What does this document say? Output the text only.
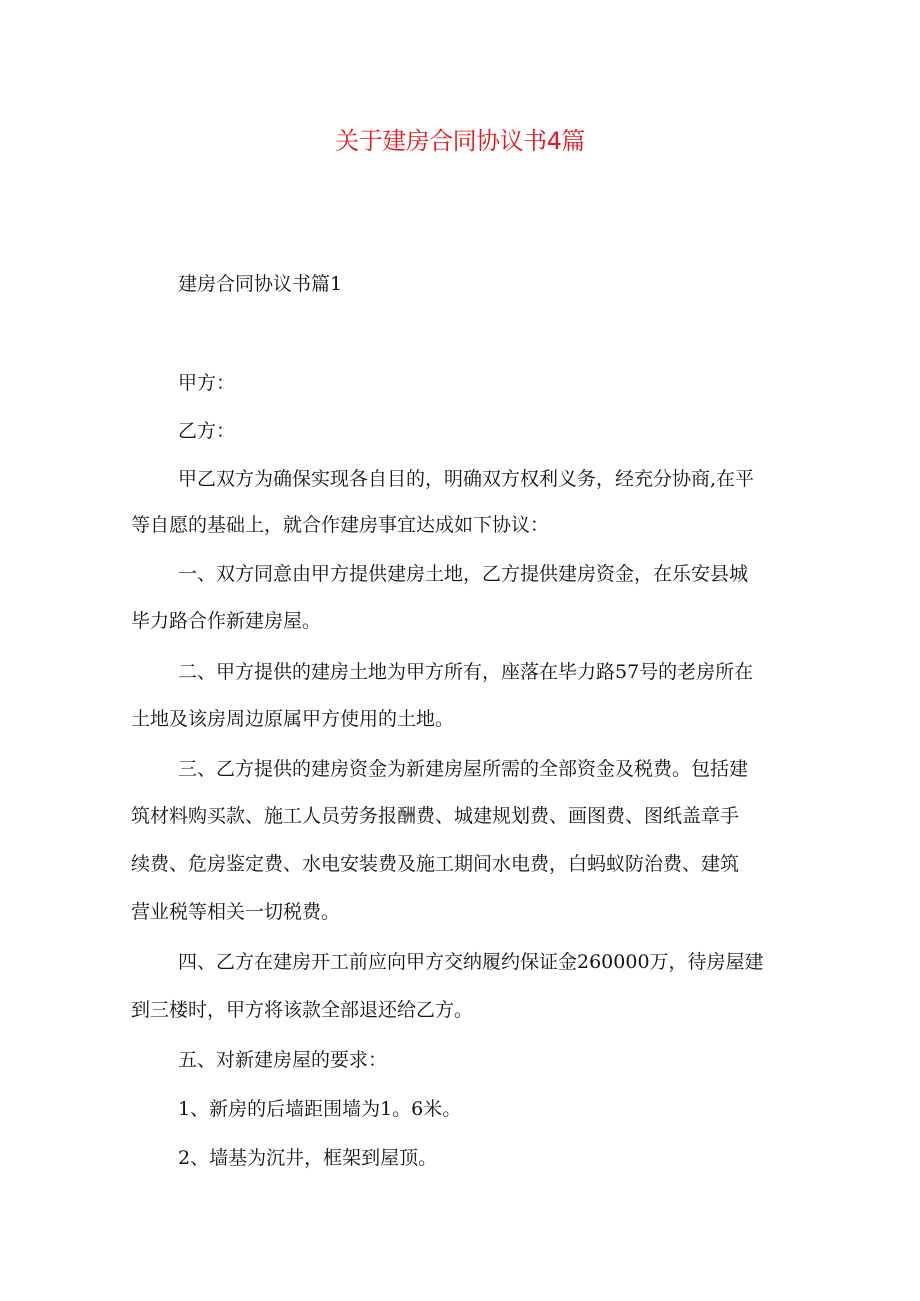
关于建房合同协议书4篇
建房合同协议书篇1
甲方：
乙方：
甲乙双方为确保实现各自目的，明确双方权利义务，经充分协商,在平
等自愿的基础上，就合作建房事宜达成如下协议：
一、双方同意由甲方提供建房土地，乙方提供建房资金，在乐安县城
毕力路合作新建房屋。
二、甲方提供的建房土地为甲方所有，座落在毕力路57号的老房所在
土地及该房周边原属甲方使用的土地。
三、乙方提供的建房资金为新建房屋所需的全部资金及税费。包括建
筑材料购买款、施工人员劳务报酬费、城建规划费、画图费、图纸盖章手
续费、危房鉴定费、水电安装费及施工期间水电费，白蚂蚁防治费、建筑
营业税等相关一切税费。
四、乙方在建房开工前应向甲方交纳履约保证金260000万，待房屋建
到三楼时，甲方将该款全部退还给乙方。
五、对新建房屋的要求：
1、新房的后墙距围墙为1。6米。
2、墙基为沉井，框架到屋顶。
